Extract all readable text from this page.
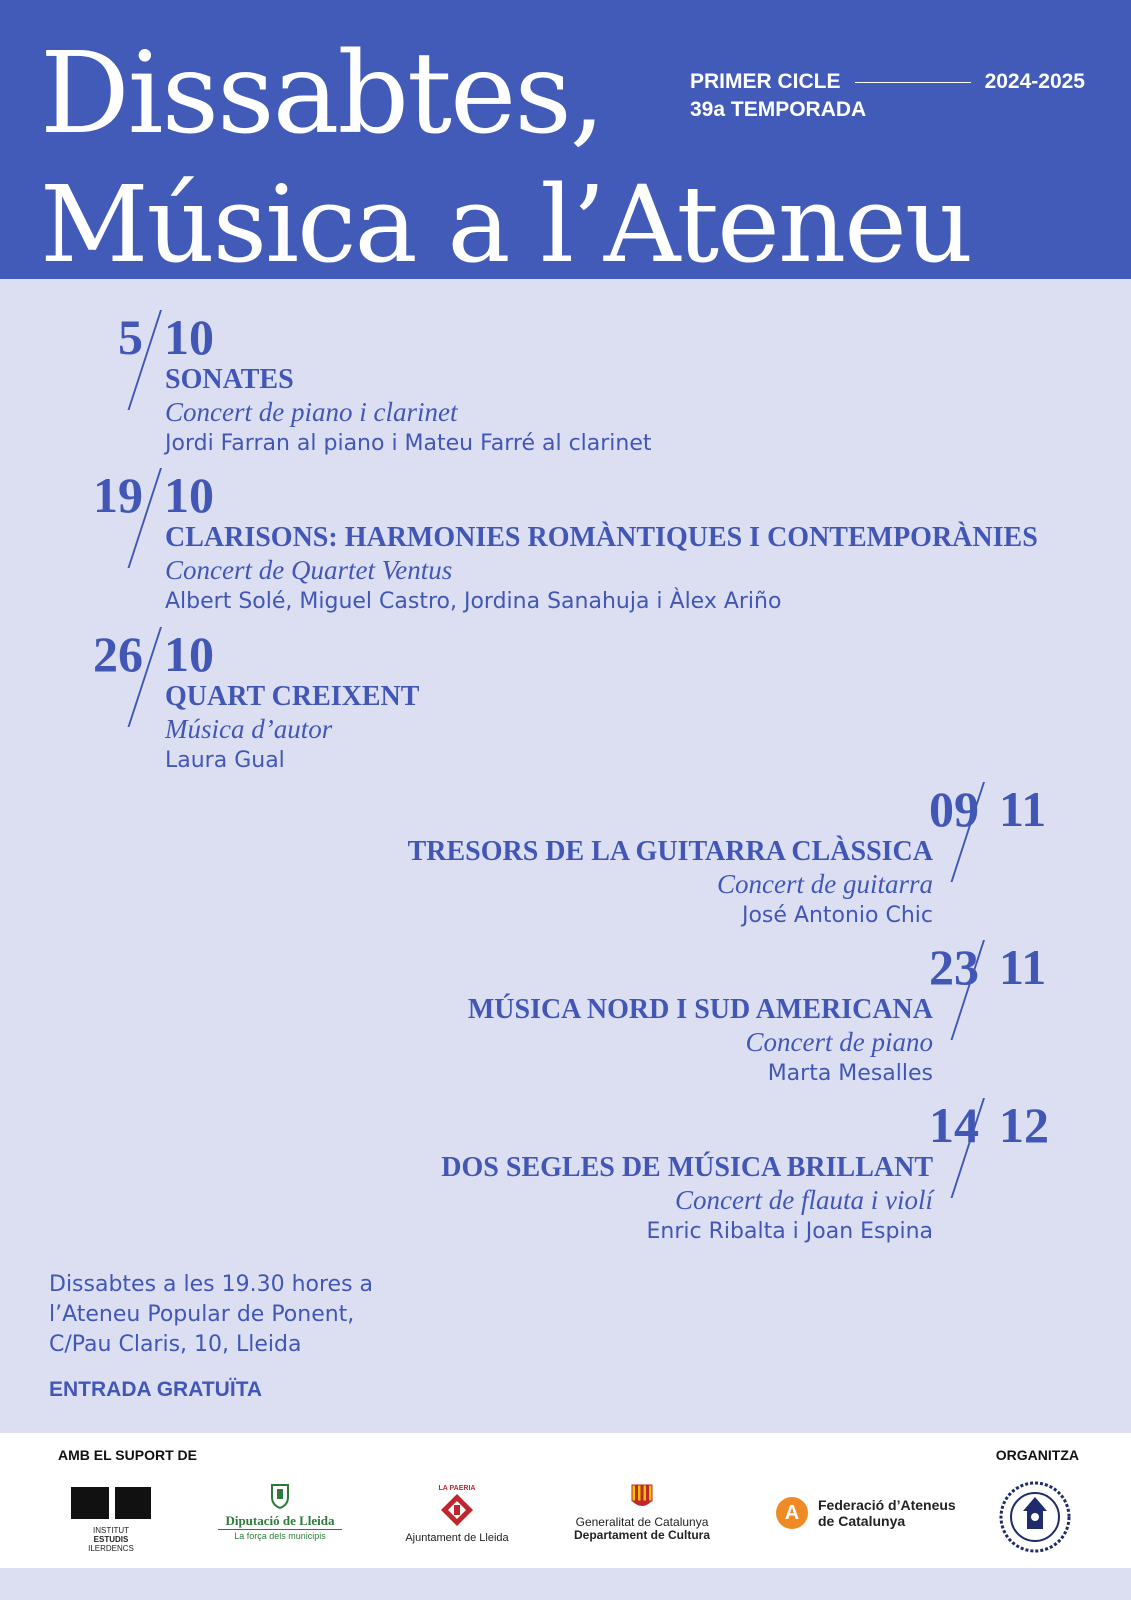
Dissabtes,
Música a l’Ateneu
PRIMER CICLE	2024-2025
39a TEMPORADA
5 10
SONATES
Concert de piano i clarinet
Jordi Farran al piano i Mateu Farré al clarinet
19 10
CLARISONS: HARMONIES ROMÀNTIQUES I CONTEMPORÀNIES
Concert de Quartet Ventus
Albert Solé, Miguel Castro, Jordina Sanahuja i Àlex Ariño
26 10
QUART CREIXENT
Música d’autor
Laura Gual
09 11
TRESORS DE LA GUITARRA CLÀSSICA
Concert de guitarra
José Antonio Chic
23 11
MÚSICA NORD I SUD AMERICANA
Concert de piano
Marta Mesalles
14 12
DOS SEGLES DE MÚSICA BRILLANT
Concert de flauta i violí
Enric Ribalta i Joan Espina
Dissabtes a les 19.30 hores a
l’Ateneu Popular de Ponent,
C/Pau Claris, 10, Lleida
ENTRADA GRATUÏTA
AMB EL SUPORT DE	ORGANITZA
INSTITUT
ESTUDIS
ILERDENCS
Diputació de Lleida
La força dels municipis
LA PAERIA
Ajuntament de Lleida
Generalitat de Catalunya
Departament de Cultura
A	Federació d’Ateneus
de Catalunya
